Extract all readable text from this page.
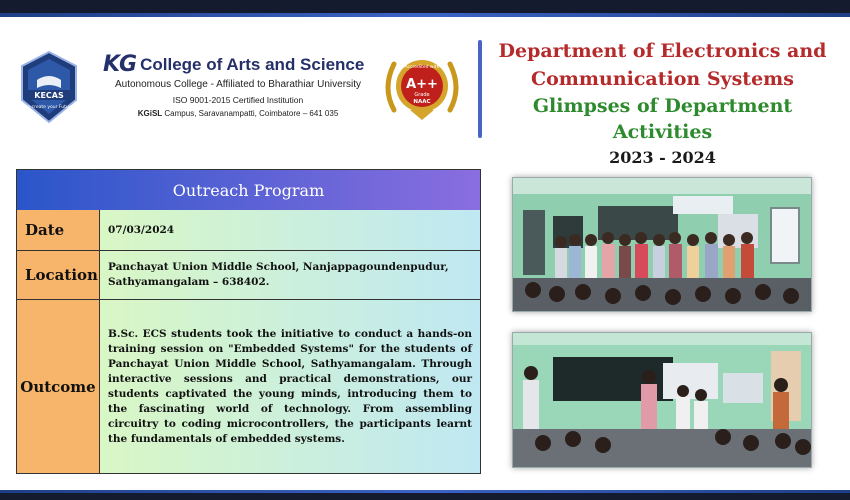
KECAS
co-create your Future
KG College of Arts and Science
Autonomous College - Affiliated to Bharathiar University
ISO 9001-2015 Certified Institution
KGiSL Campus, Saravanampatti, Coimbatore – 641 035
Accredited with
A++
Grade
NAAC
Department of Electronics and
Communication Systems
Glimpses of Department Activities
2023 - 2024
Outreach Program
Date	07/03/2024
Location Panchayat Union Middle School, Nanjappagoundenpudur, Sathyamangalam – 638402.
Outcome
B.Sc. ECS students took the initiative to conduct a hands-on training session on "Embedded Systems" for the students of Panchayat Union Middle School, Sathyamangalam. Through interactive sessions and practical demonstrations, our students captivated the young minds, introducing them to the fascinating world of technology. From assembling circuitry to coding microcontrollers, the participants learnt the fundamentals of embedded systems.
